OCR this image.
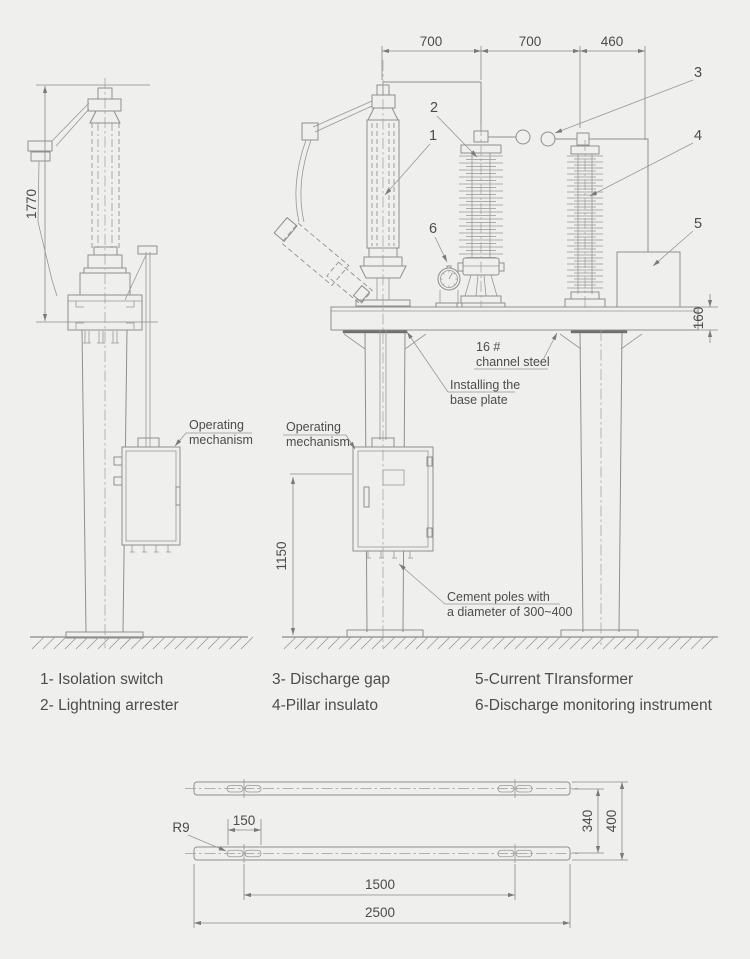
1770
Operating
mechanism
700	700	460
160
1150
1
2
3
4
5
6
16 #
channel steel
Installing the
base plate
Operating
mechanism
Cement poles with
a diameter of 300~400
1- Isolation switch
2- Lightning arrester
3- Discharge gap
4-Pillar insulato
5-Current TIransformer
6-Discharge monitoring instrument
R9	150	340 400
1500
2500
